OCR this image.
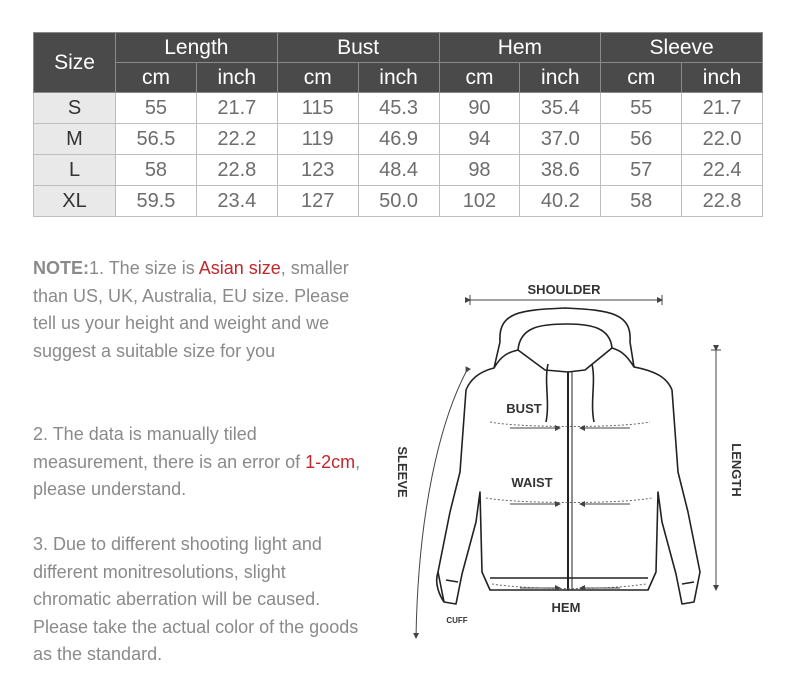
Size	Length		Bust		Hem		Sleeve	
	cm	inch	cm	inch	cm	inch	cm	inch
S	55	21.7	115	45.3	90	35.4	55	21.7
M	56.5	22.2	119	46.9	94	37.0	56	22.0
L	58	22.8	123	48.4	98	38.6	57	22.4
XL	59.5	23.4	127	50.0	102	40.2	58	22.8
NOTE:1. The size is Asian size, smaller than US, UK, Australia, EU size. Please tell us your height and weight and we suggest a suitable size for you
2. The data is manually tiled measurement, there is an error of 1-2cm, please understand.
3. Due to different shooting light and different monitresolutions, slight chromatic aberration will be caused. Please take the actual color of the goods as the standard.
SHOULDER
BUST
WAIST
HEM
SLEEVE	LENGTH
CUFF
